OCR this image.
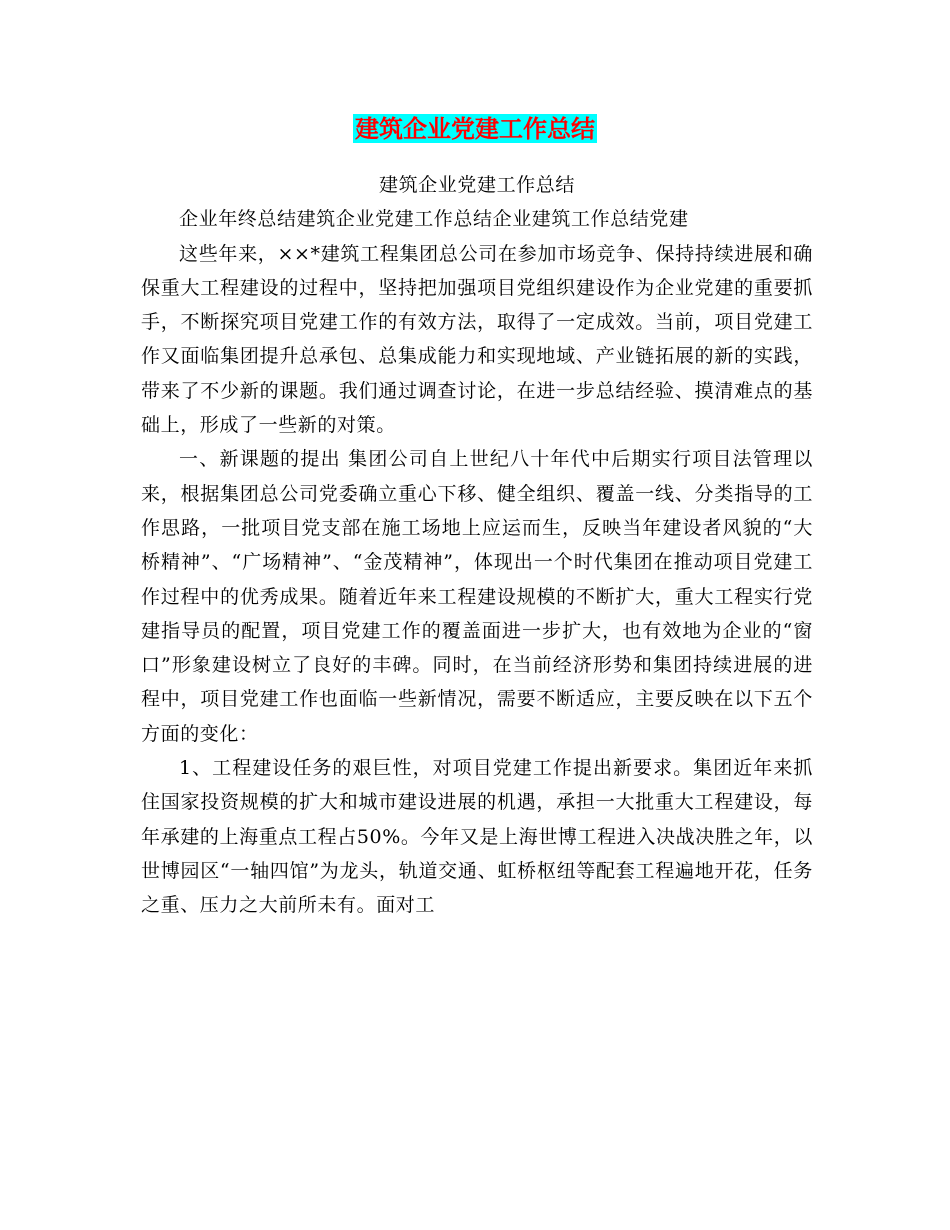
建筑企业党建工作总结

建筑企业党建工作总结

企业年终总结建筑企业党建工作总结企业建筑工作总结党建

这些年来，××*建筑工程集团总公司在参加市场竞争、保持持续进展和确保重大工程建设的过程中，坚持把加强项目党组织建设作为企业党建的重要抓手，不断探究项目党建工作的有效方法，取得了一定成效。当前，项目党建工作又面临集团提升总承包、总集成能力和实现地域、产业链拓展的新的实践，带来了不少新的课题。我们通过调查讨论，在进一步总结经验、摸清难点的基础上，形成了一些新的对策。

一、新课题的提出 集团公司自上世纪八十年代中后期实行项目法管理以来，根据集团总公司党委确立重心下移、健全组织、覆盖一线、分类指导的工作思路，一批项目党支部在施工场地上应运而生，反映当年建设者风貌的“大桥精神”、“广场精神”、“金茂精神”，体现出一个时代集团在推动项目党建工作过程中的优秀成果。随着近年来工程建设规模的不断扩大，重大工程实行党建指导员的配置，项目党建工作的覆盖面进一步扩大，也有效地为企业的“窗口”形象建设树立了良好的丰碑。同时，在当前经济形势和集团持续进展的进程中，项目党建工作也面临一些新情况，需要不断适应，主要反映在以下五个方面的变化：

1、工程建设任务的艰巨性，对项目党建工作提出新要求。集团近年来抓住国家投资规模的扩大和城市建设进展的机遇，承担一大批重大工程建设，每年承建的上海重点工程占50%。今年又是上海世博工程进入决战决胜之年，以世博园区“一轴四馆”为龙头，轨道交通、虹桥枢纽等配套工程遍地开花，任务之重、压力之大前所未有。面对工
